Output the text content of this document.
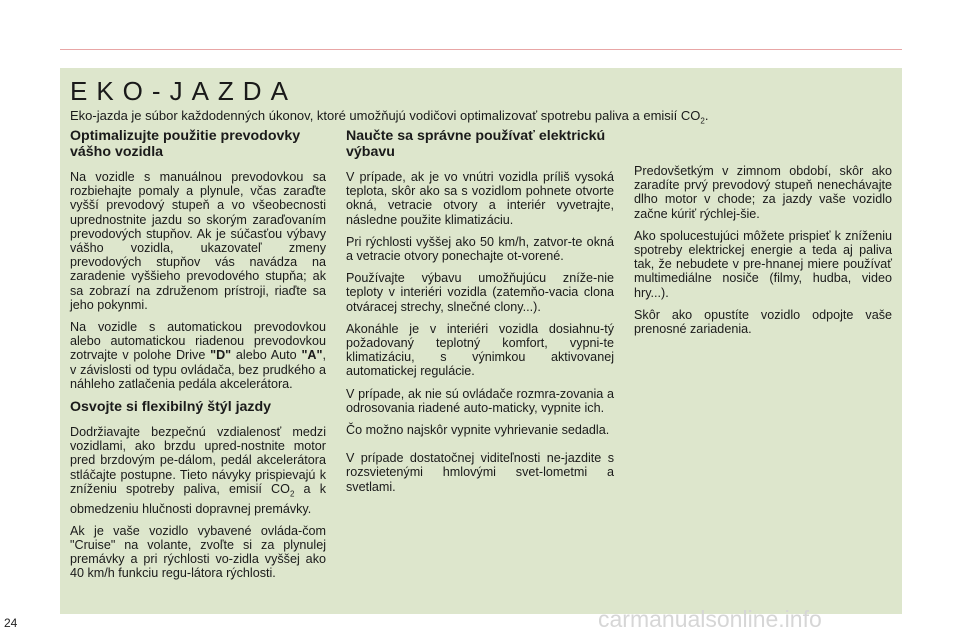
EKO-JAZDA
Eko-jazda je súbor každodenných úkonov, ktoré umožňujú vodičovi optimalizovať spotrebu paliva a emisií $CO_2$.
Optimalizujte použitie prevodovky vášho vozidla

Na vozidle s manuálnou prevodovkou sa rozbiehajte pomaly a plynule, včas zaraďte vyšší prevodový stupeň a vo všeobecnosti uprednostnite jazdu so skorým zaraďovaním prevodových stupňov. Ak je súčasťou výbavy vášho vozidla, ukazovateľ zmeny prevodových stupňov vás navádza na zaradenie vyššieho prevodového stupňa; ak sa zobrazí na združenom prístroji, riaďte sa jeho pokynmi.

Na vozidle s automatickou prevodovkou alebo automatickou riadenou prevodovkou zotrvajte v polohe Drive "D" alebo Auto "A", v závislosti od typu ovládača, bez prudkého a náhleho zatlačenia pedála akcelerátora.

Osvojte si flexibilný štýl jazdy

Dodržiavajte bezpečnú vzdialenosť medzi vozidlami, ako brzdu upred-nostnite motor pred brzdovým pe-dálom, pedál akcelerátora stláčajte postupne. Tieto návyky prispievajú k zníženiu spotreby paliva, emisií $CO_2$ a k obmedzeniu hlučnosti dopravnej premávky.

Ak je vaše vozidlo vybavené ovláda-čom "Cruise" na volante, zvoľte si za plynulej premávky a pri rýchlosti vo-zidla vyššej ako 40 km/h funkciu regu-látora rýchlosti.

Naučte sa správne používať elektrickú výbavu

V prípade, ak je vo vnútri vozidla príliš vysoká teplota, skôr ako sa s vozidlom pohnete otvorte okná, vetracie otvory a interiér vyvetrajte, následne použite klimatizáciu.

Pri rýchlosti vyššej ako 50 km/h, zatvor-te okná a vetracie otvory ponechajte ot-vorené.

Používajte výbavu umožňujúcu zníže-nie teploty v interiéri vozidla (zatemňo-vacia clona otváracej strechy, slnečné clony...).

Akonáhle je v interiéri vozidla dosiahnu-tý požadovaný teplotný komfort, vypni-te klimatizáciu, s výnimkou aktivovanej automatickej regulácie.

V prípade, ak nie sú ovládače rozmra-zovania a odrosovania riadené auto-maticky, vypnite ich.

Čo možno najskôr vypnite vyhrievanie sedadla.

V prípade dostatočnej viditeľnosti ne-jazdite s rozsvietenými hmlovými svet-lometmi a svetlami.

Predovšetkým v zimnom období, skôr ako zaradíte prvý prevodový stupeň nenechávajte dlho motor v chode; za jazdy vaše vozidlo začne kúriť rýchlej-šie.

Ako spolucestujúci môžete prispieť k zníženiu spotreby elektrickej energie a teda aj paliva tak, že nebudete v pre-hnanej miere používať multimediálne nosiče (filmy, hudba, video hry...).

Skôr ako opustíte vozidlo odpojte vaše prenosné zariadenia.

24	carmanualsonline.info
